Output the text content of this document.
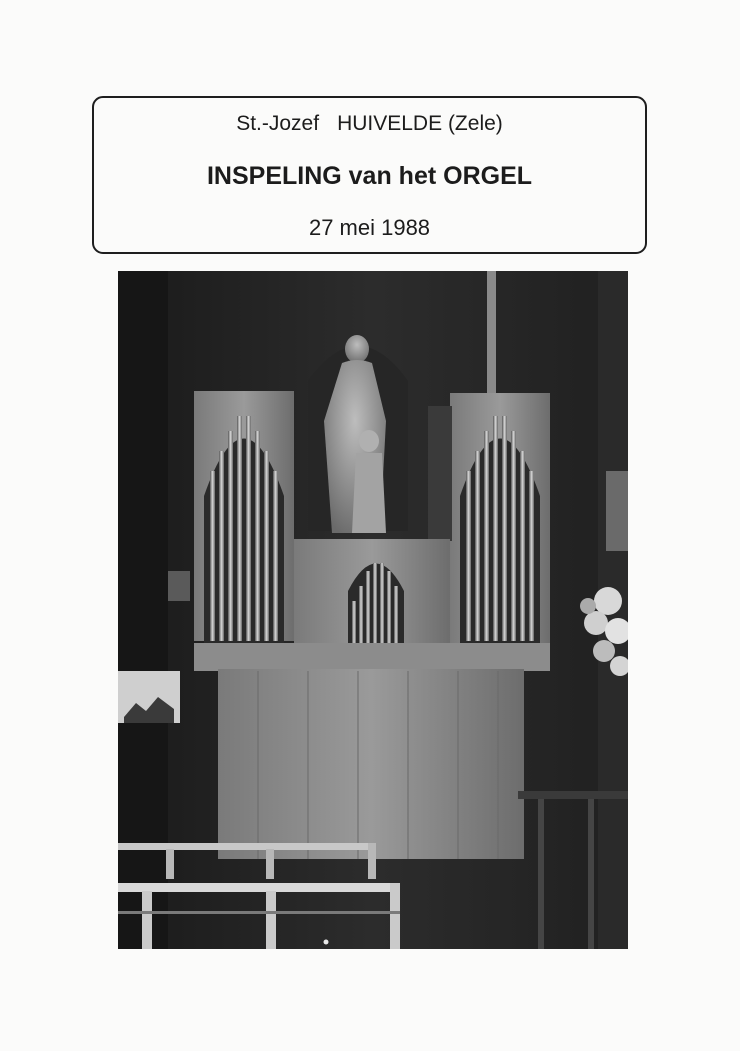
St.-Jozef HUIVELDE (Zele)
INSPELING van het ORGEL
27 mei 1988
